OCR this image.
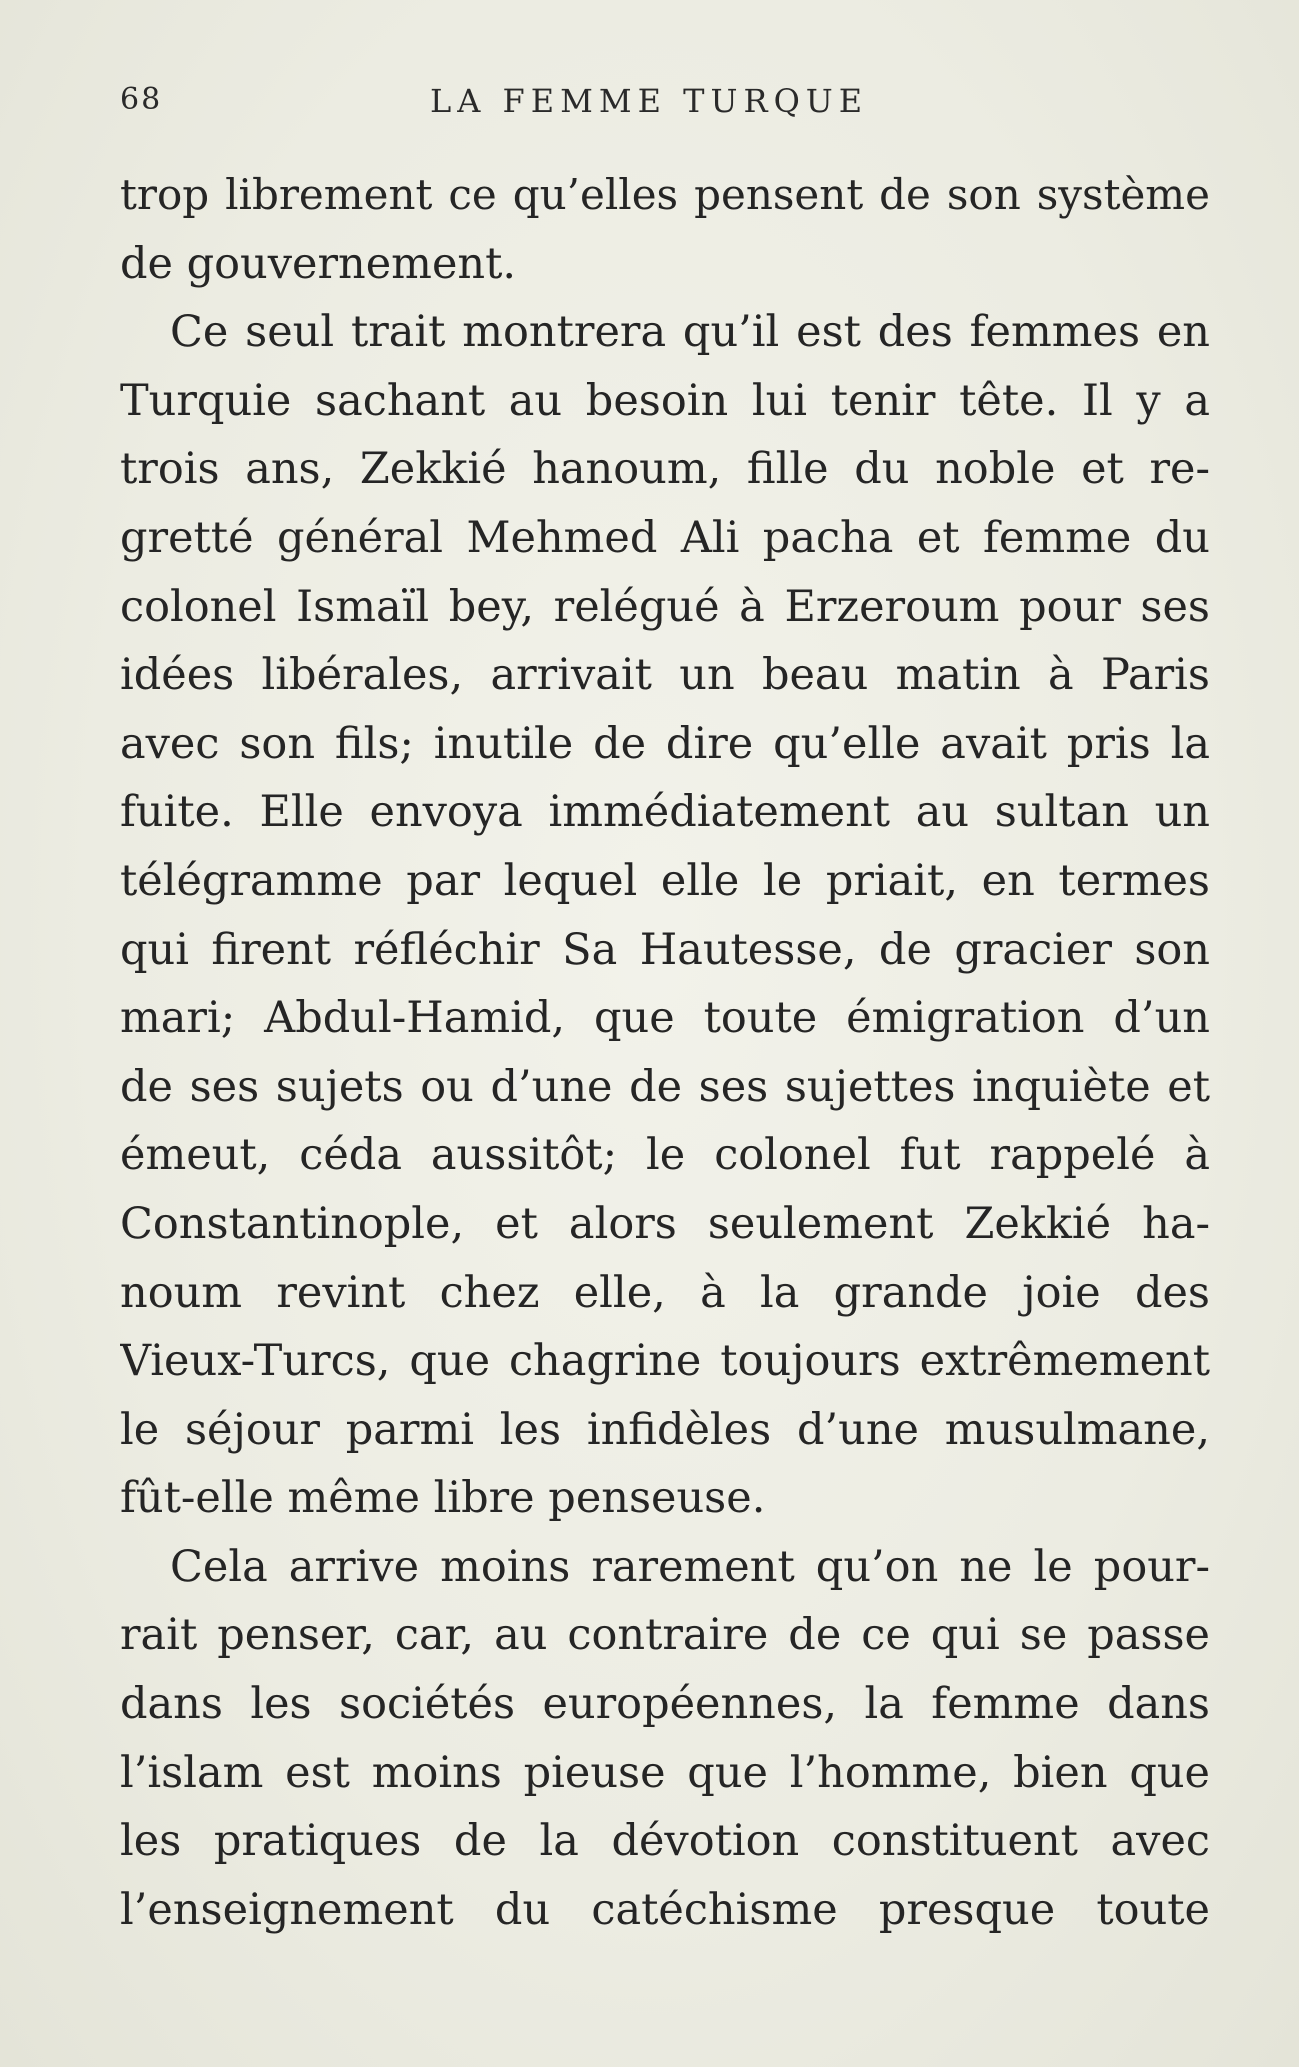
68	LA FEMME TURQUE
trop librement ce qu’elles pensent de son système
de gouvernement.
Ce seul trait montrera qu’il est des femmes en
Turquie sachant au besoin lui tenir tête. Il y a
trois ans, Zekkié hanoum, fille du noble et re-
gretté général Mehmed Ali pacha et femme du
colonel Ismaïl bey, relégué à Erzeroum pour ses
idées libérales, arrivait un beau matin à Paris
avec son fils; inutile de dire qu’elle avait pris la
fuite. Elle envoya immédiatement au sultan un
télégramme par lequel elle le priait, en termes
qui firent réfléchir Sa Hautesse, de gracier son
mari; Abdul-Hamid, que toute émigration d’un
de ses sujets ou d’une de ses sujettes inquiète et
émeut, céda aussitôt; le colonel fut rappelé à
Constantinople, et alors seulement Zekkié ha-
noum revint chez elle, à la grande joie des
Vieux-Turcs, que chagrine toujours extrêmement
le séjour parmi les infidèles d’une musulmane,
fût-elle même libre penseuse.
Cela arrive moins rarement qu’on ne le pour-
rait penser, car, au contraire de ce qui se passe
dans les sociétés européennes, la femme dans
l’islam est moins pieuse que l’homme, bien que
les pratiques de la dévotion constituent avec
l’enseignement du catéchisme presque toute
